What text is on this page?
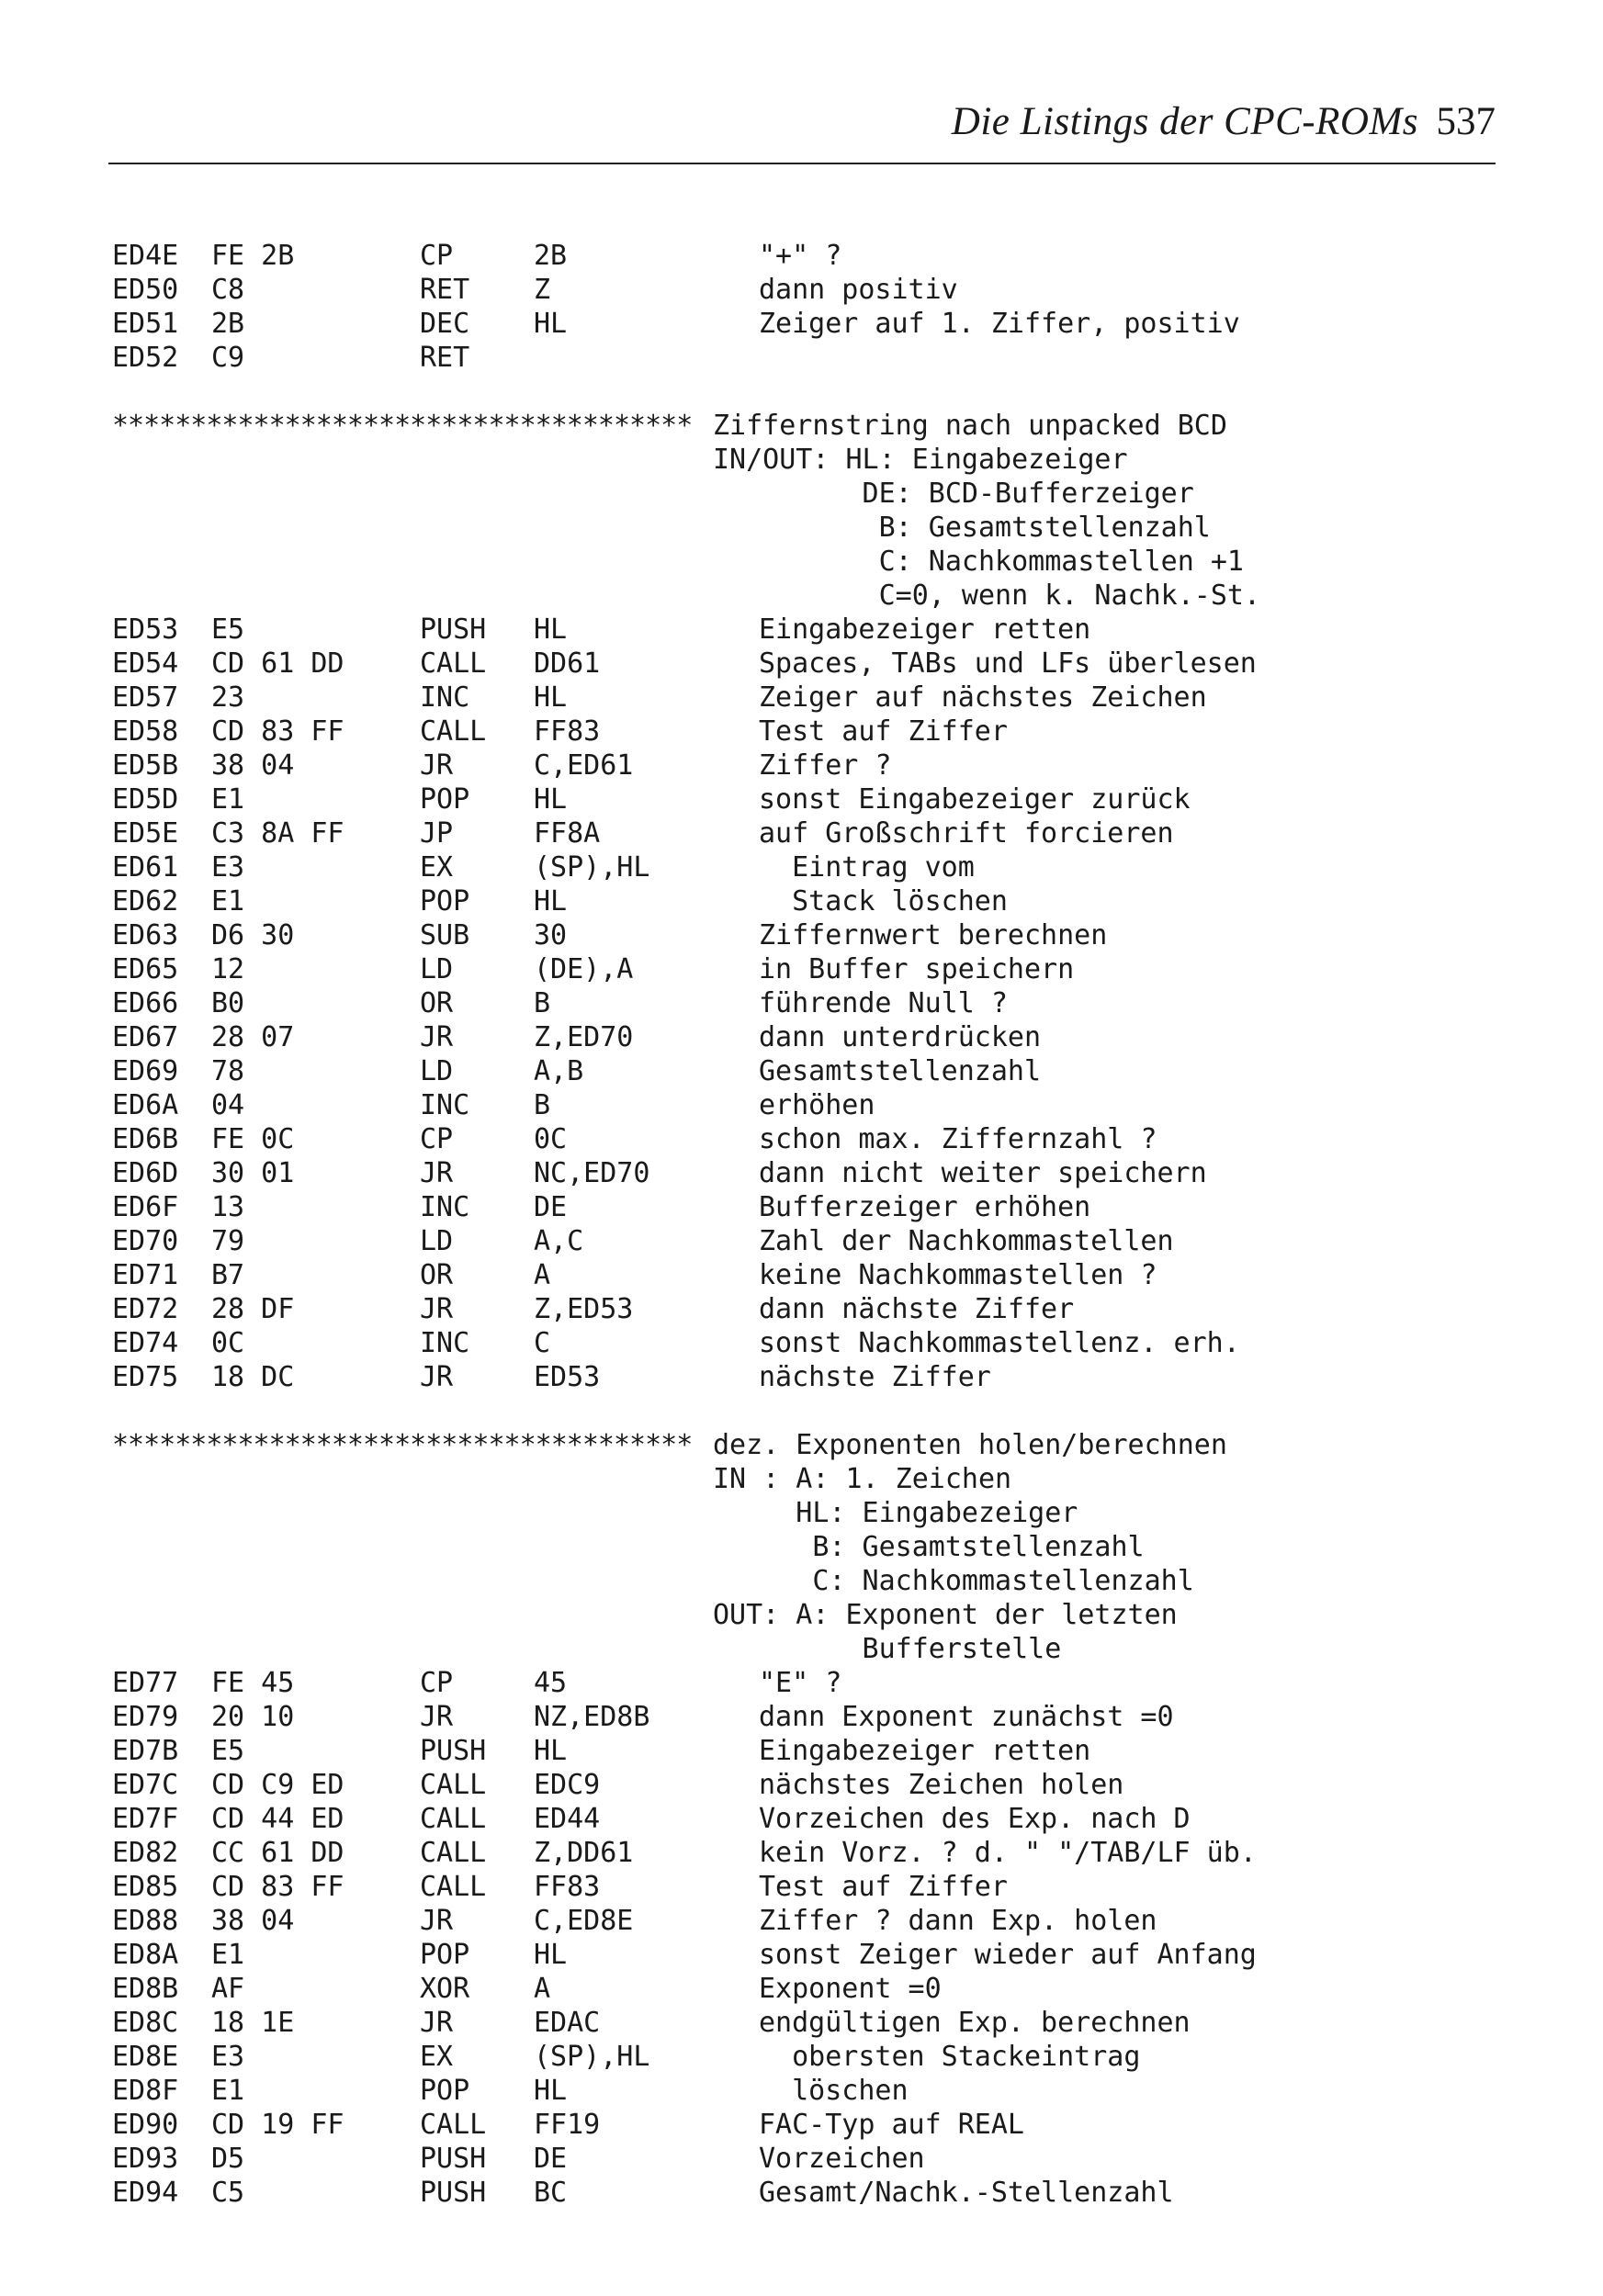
Die Listings der CPC-ROMs 537
ED4E FE 2B	CP	2B	"+" ?
ED50 C8	RET Z	dann positiv
ED51 2B	DEC HL	Zeiger auf 1. Ziffer, positiv
ED52 C9	RET
************************************* Ziffernstring nach unpacked BCD
IN/OUT: HL: Eingabezeiger
DE: BCD-Bufferzeiger
B: Gesamtstellenzahl
C: Nachkommastellen +1
C=0, wenn k. Nachk.-St.
ED53 E5	PUSH HL	Eingabezeiger retten
ED54 CD 61 DD	CALL DD61	Spaces, TABs und LFs überlesen
ED57 23	INC HL	Zeiger auf nächstes Zeichen
ED58 CD 83 FF	CALL FF83	Test auf Ziffer
ED5B 38 04	JR	C,ED61	Ziffer ?
ED5D E1	POP HL	sonst Eingabezeiger zurück
ED5E C3 8A FF	JP	FF8A	auf Großschrift forcieren
ED61 E3	EX	(SP),HL	Eintrag vom
ED62 E1	POP HL	Stack löschen
ED63 D6 30	SUB 30	Ziffernwert berechnen
ED65 12	LD	(DE),A	in Buffer speichern
ED66 B0	OR	B	führende Null ?
ED67 28 07	JR	Z,ED70	dann unterdrücken
ED69 78	LD	A,B	Gesamtstellenzahl
ED6A 04	INC B	erhöhen
ED6B FE 0C	CP	0C	schon max. Ziffernzahl ?
ED6D 30 01	JR	NC,ED70	dann nicht weiter speichern
ED6F 13	INC DE	Bufferzeiger erhöhen
ED70 79	LD	A,C	Zahl der Nachkommastellen
ED71 B7	OR	A	keine Nachkommastellen ?
ED72 28 DF	JR	Z,ED53	dann nächste Ziffer
ED74 0C	INC C	sonst Nachkommastellenz. erh.
ED75 18 DC	JR	ED53	nächste Ziffer
************************************* dez. Exponenten holen/berechnen
IN : A: 1. Zeichen
HL: Eingabezeiger
B: Gesamtstellenzahl
C: Nachkommastellenzahl
OUT: A: Exponent der letzten
Bufferstelle
ED77 FE 45	CP	45	"E" ?
ED79 20 10	JR	NZ,ED8B	dann Exponent zunächst =0
ED7B E5	PUSH HL	Eingabezeiger retten
ED7C CD C9 ED	CALL EDC9	nächstes Zeichen holen
ED7F CD 44 ED	CALL ED44	Vorzeichen des Exp. nach D
ED82 CC 61 DD	CALL Z,DD61	kein Vorz. ? d. " "/TAB/LF üb.
ED85 CD 83 FF	CALL FF83	Test auf Ziffer
ED88 38 04	JR	C,ED8E	Ziffer ? dann Exp. holen
ED8A E1	POP HL	sonst Zeiger wieder auf Anfang
ED8B AF	XOR A	Exponent =0
ED8C 18 1E	JR	EDAC	endgültigen Exp. berechnen
ED8E E3	EX	(SP),HL	obersten Stackeintrag
ED8F E1	POP HL	löschen
ED90 CD 19 FF	CALL FF19	FAC-Typ auf REAL
ED93 D5	PUSH DE	Vorzeichen
ED94 C5	PUSH BC	Gesamt/Nachk.-Stellenzahl
